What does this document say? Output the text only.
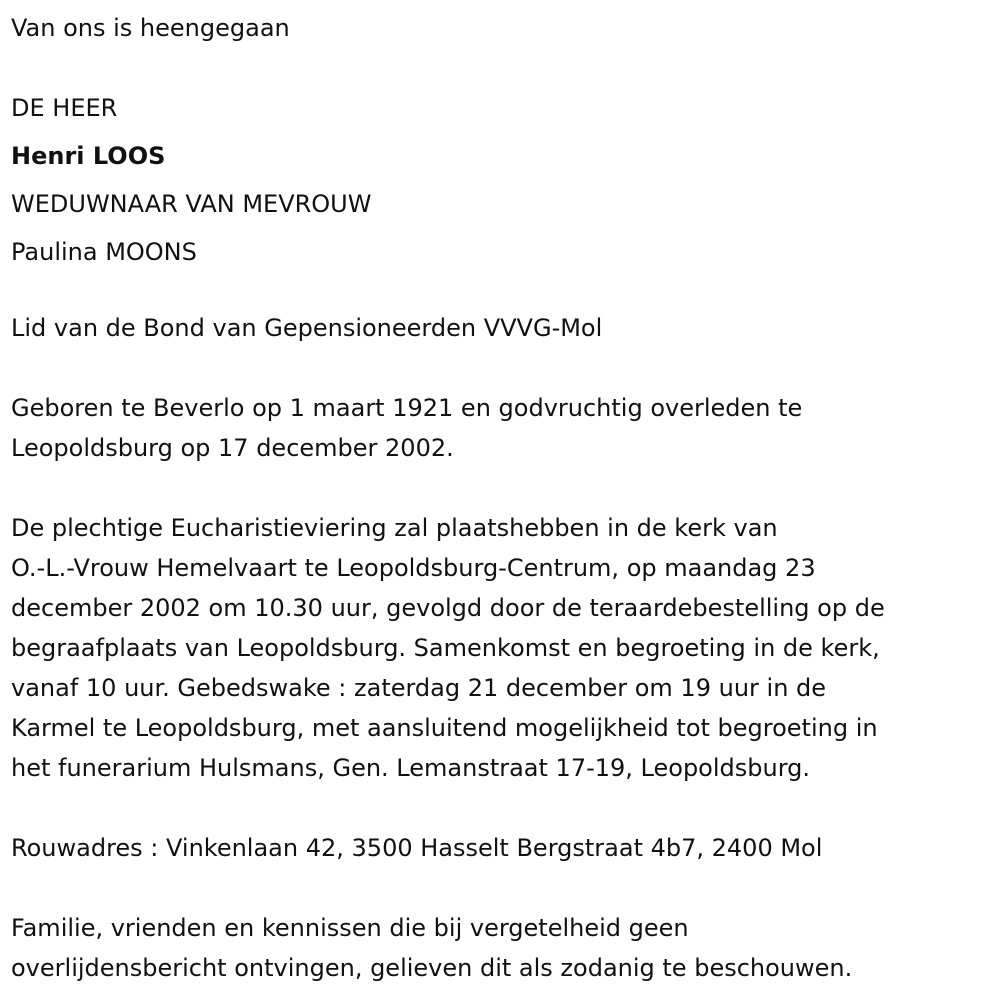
Van ons is heengegaan

DE HEER

Henri LOOS

WEDUWNAAR VAN MEVROUW

Paulina MOONS

Lid van de Bond van Gepensioneerden VVVG-Mol

Geboren te Beverlo op 1 maart 1921 en godvruchtig overleden te
Leopoldsburg op 17 december 2002.

De plechtige Eucharistieviering zal plaatshebben in de kerk van
O.-L.-Vrouw Hemelvaart te Leopoldsburg-Centrum, op maandag 23
december 2002 om 10.30 uur, gevolgd door de teraardebestelling op de
begraafplaats van Leopoldsburg. Samenkomst en begroeting in de kerk,
vanaf 10 uur. Gebedswake : zaterdag 21 december om 19 uur in de
Karmel te Leopoldsburg, met aansluitend mogelijkheid tot begroeting in
het funerarium Hulsmans, Gen. Lemanstraat 17-19, Leopoldsburg.

Rouwadres : Vinkenlaan 42, 3500 Hasselt Bergstraat 4b7, 2400 Mol

Familie, vrienden en kennissen die bij vergetelheid geen
overlijdensbericht ontvingen, gelieven dit als zodanig te beschouwen.
